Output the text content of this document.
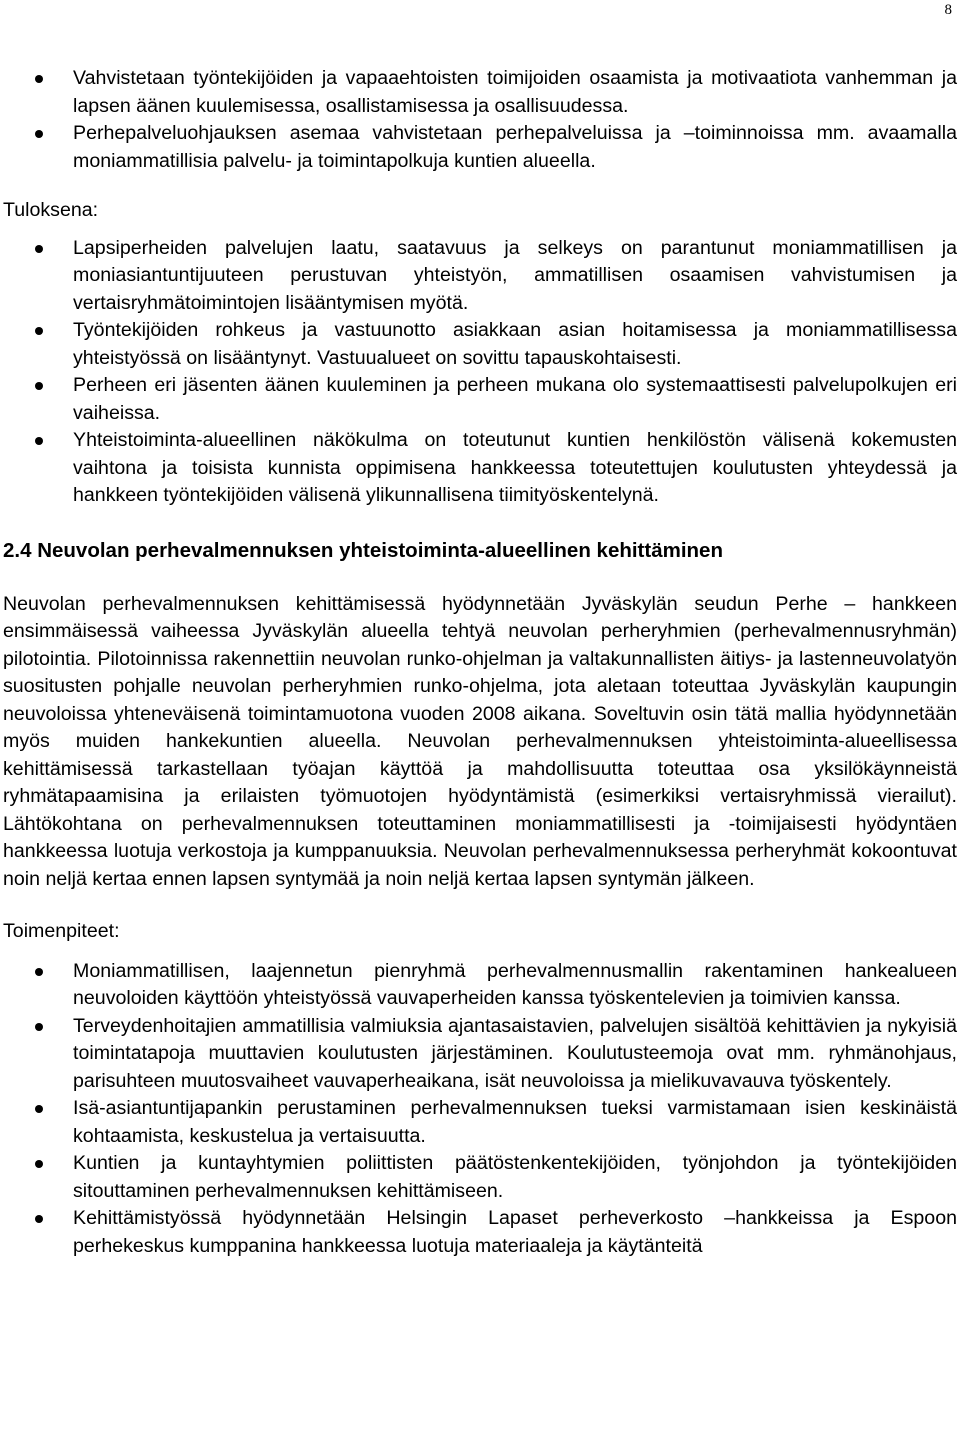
8
Vahvistetaan työntekijöiden ja vapaaehtoisten toimijoiden osaamista ja motivaatiota vanhemman ja lapsen äänen kuulemisessa, osallistamisessa ja osallisuudessa.
Perhepalveluohjauksen asemaa vahvistetaan perhepalveluissa ja –toiminnoissa mm. avaamalla moniammatillisia palvelu- ja toimintapolkuja kuntien alueella.
Tuloksena:
Lapsiperheiden palvelujen laatu, saatavuus ja selkeys on parantunut moniammatillisen ja moniasiantuntijuuteen perustuvan yhteistyön, ammatillisen osaamisen vahvistumisen ja vertaisryhmätoimintojen lisääntymisen myötä.
Työntekijöiden rohkeus ja vastuunotto asiakkaan asian hoitamisessa ja moniammatillisessa yhteistyössä on lisääntynyt. Vastuualueet on sovittu tapauskohtaisesti.
Perheen eri jäsenten äänen kuuleminen ja perheen mukana olo systemaattisesti palvelupolkujen eri vaiheissa.
Yhteistoiminta-alueellinen näkökulma on toteutunut kuntien henkilöstön välisenä kokemusten vaihtona ja toisista kunnista oppimisena hankkeessa toteutettujen koulutusten yhteydessä ja hankkeen työntekijöiden välisenä ylikunnallisena tiimityöskentelynä.
2.4 Neuvolan perhevalmennuksen yhteistoiminta-alueellinen kehittäminen
Neuvolan perhevalmennuksen kehittämisessä hyödynnetään Jyväskylän seudun Perhe – hankkeen ensimmäisessä vaiheessa Jyväskylän alueella tehtyä neuvolan perheryhmien (perhevalmennusryhmän) pilotointia. Pilotoinnissa rakennettiin neuvolan runko-ohjelman ja valtakunnallisten äitiys- ja lastenneuvolatyön suositusten pohjalle neuvolan perheryhmien runko-ohjelma, jota aletaan toteuttaa Jyväskylän kaupungin neuvoloissa yhteneväisenä toimintamuotona vuoden 2008 aikana. Soveltuvin osin tätä mallia hyödynnetään myös muiden hankekuntien alueella. Neuvolan perhevalmennuksen yhteistoiminta-alueellisessa kehittämisessä tarkastellaan työajan käyttöä ja mahdollisuutta toteuttaa osa yksilökäynneistä ryhmätapaamisina ja erilaisten työmuotojen hyödyntämistä (esimerkiksi vertaisryhmissä vierailut). Lähtökohtana on perhevalmennuksen toteuttaminen moniammatillisesti ja -toimijaisesti hyödyntäen hankkeessa luotuja verkostoja ja kumppanuuksia. Neuvolan perhevalmennuksessa perheryhmät kokoontuvat noin neljä kertaa ennen lapsen syntymää ja noin neljä kertaa lapsen syntymän jälkeen.
Toimenpiteet:
Moniammatillisen, laajennetun pienryhmä perhevalmennusmallin rakentaminen hankealueen neuvoloiden käyttöön yhteistyössä vauvaperheiden kanssa työskentelevien ja toimivien kanssa.
Terveydenhoitajien ammatillisia valmiuksia ajantasaistavien, palvelujen sisältöä kehittävien ja nykyisiä toimintatapoja muuttavien koulutusten järjestäminen. Koulutusteemoja ovat mm. ryhmänohjaus, parisuhteen muutosvaiheet vauvaperheaikana, isät neuvoloissa ja mielikuvavauva työskentely.
Isä-asiantuntijapankin perustaminen perhevalmennuksen tueksi varmistamaan isien keskinäistä kohtaamista, keskustelua ja vertaisuutta.
Kuntien ja kuntayhtymien poliittisten päätöstenkentekijöiden, työnjohdon ja työntekijöiden sitouttaminen perhevalmennuksen kehittämiseen.
Kehittämistyössä hyödynnetään Helsingin Lapaset perheverkosto –hankkeissa ja Espoon perhekeskus kumppanina hankkeessa luotuja materiaaleja ja käytänteitä
